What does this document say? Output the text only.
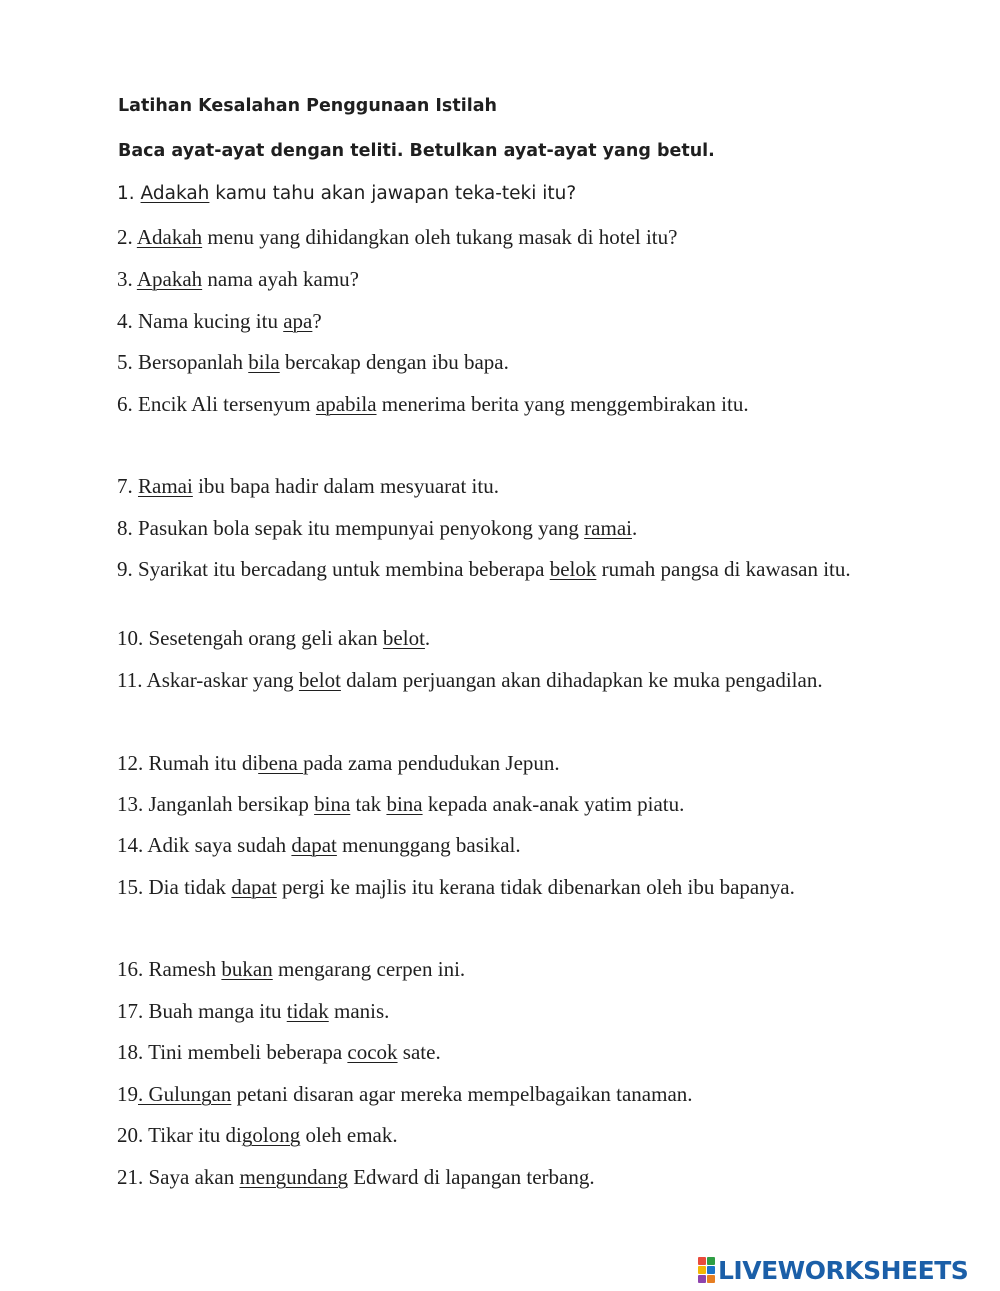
Latihan Kesalahan Penggunaan Istilah

Baca ayat-ayat dengan teliti. Betulkan ayat-ayat yang betul.

1. Adakah kamu tahu akan jawapan teka-teki itu?

2. Adakah menu yang dihidangkan oleh tukang masak di hotel itu?

3. Apakah nama ayah kamu?

4. Nama kucing itu apa?

5. Bersopanlah bila bercakap dengan ibu bapa.

6. Encik Ali tersenyum apabila menerima berita yang menggembirakan itu.

7. Ramai ibu bapa hadir dalam mesyuarat itu.

8. Pasukan bola sepak itu mempunyai penyokong yang ramai.

9. Syarikat itu bercadang untuk membina beberapa belok rumah pangsa di kawasan itu.

10. Sesetengah orang geli akan belot.

11. Askar-askar yang belot dalam perjuangan akan dihadapkan ke muka pengadilan.

12. Rumah itu dibena pada zama pendudukan Jepun.

13. Janganlah bersikap bina tak bina kepada anak-anak yatim piatu.

14. Adik saya sudah dapat menunggang basikal.

15. Dia tidak dapat pergi ke majlis itu kerana tidak dibenarkan oleh ibu bapanya.

16. Ramesh bukan mengarang cerpen ini.

17. Buah manga itu tidak manis.

18. Tini membeli beberapa cocok sate.

19. Gulungan petani disaran agar mereka mempelbagaikan tanaman.

20. Tikar itu digolong oleh emak.

21. Saya akan mengundang Edward di lapangan terbang.

LIVEWORKSHEETS
